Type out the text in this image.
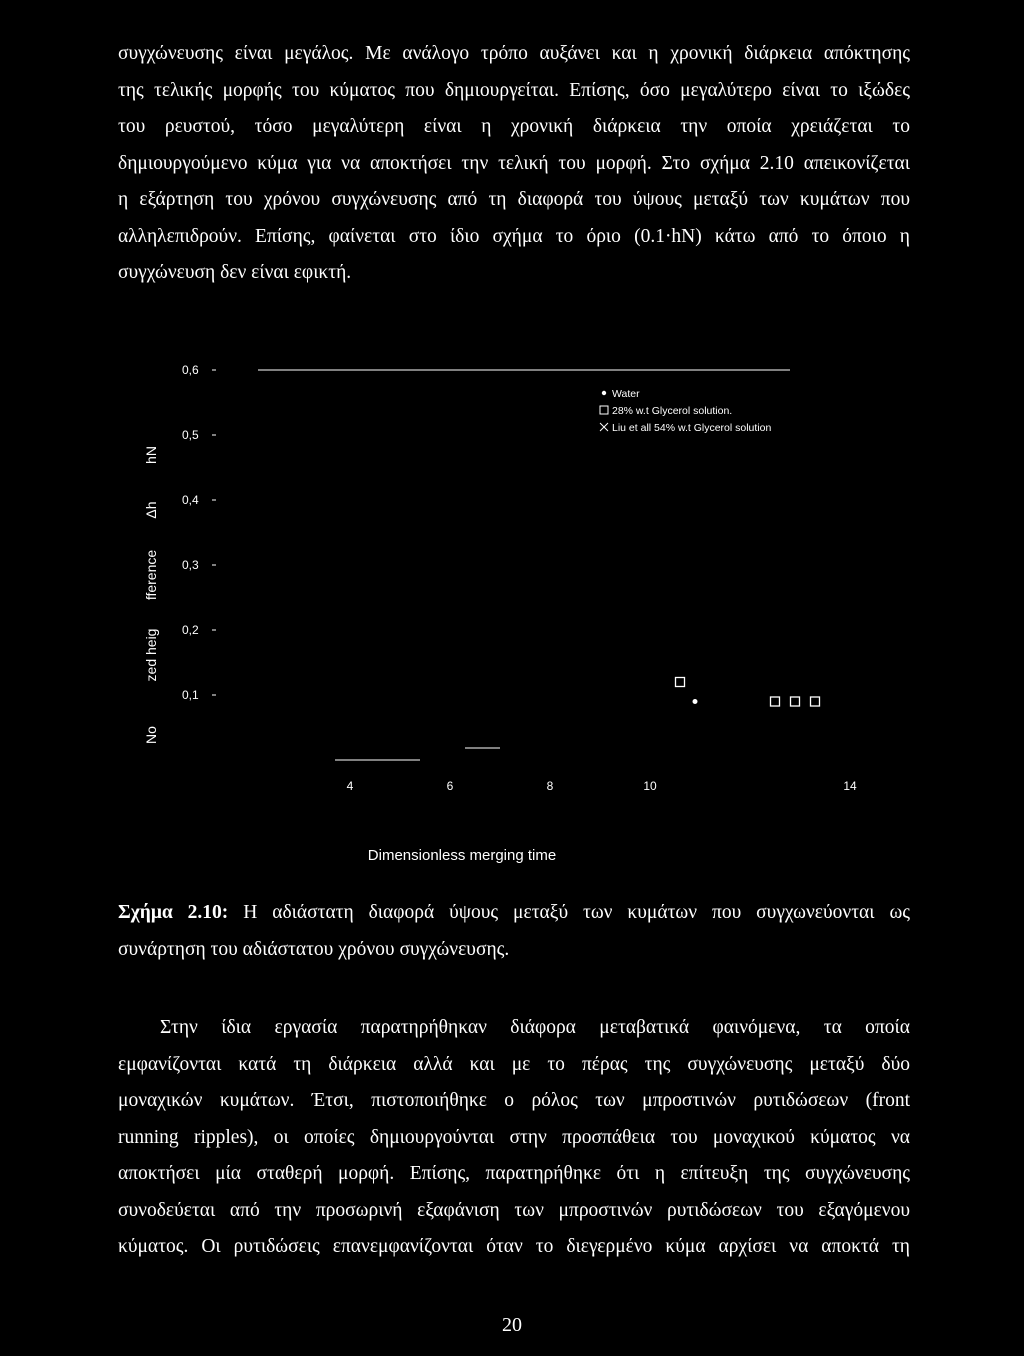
συγχώνευσης είναι μεγάλος. Με ανάλογο τρόπο αυξάνει και η χρονική διάρκεια απόκτησης
της τελικής μορφής του κύματος που δημιουργείται. Επίσης, όσο μεγαλύτερο είναι το ιξώδες
του ρευστού, τόσο μεγαλύτερη είναι η χρονική διάρκεια την οποία χρειάζεται το
δημιουργούμενο κύμα για να αποκτήσει την τελική του μορφή. Στο σχήμα 2.10 απεικονίζεται
η εξάρτηση του χρόνου συγχώνευσης από τη διαφορά του ύψους μεταξύ των κυμάτων που
αλληλεπιδρούν. Επίσης, φαίνεται στο ίδιο σχήμα το όριο (0.1·hN) κάτω από το όποιο η
συγχώνευση δεν είναι εφικτή.
0,6
0,5
0,4
0,3
0,2
0,1
4	6	8	10	14
Dimensionless merging time
No
zed heig
fference
Δh
hN
Water
28% w.t Glycerol solution.
Liu et all 54% w.t Glycerol solution
Σχήμα 2.10: Η αδιάστατη διαφορά ύψους μεταξύ των κυμάτων που συγχωνεύονται ως
συνάρτηση του αδιάστατου χρόνου συγχώνευσης.
Στην ίδια εργασία παρατηρήθηκαν διάφορα μεταβατικά φαινόμενα, τα οποία
εμφανίζονται κατά τη διάρκεια αλλά και με το πέρας της συγχώνευσης μεταξύ δύο
μοναχικών κυμάτων. Έτσι, πιστοποιήθηκε ο ρόλος των μπροστινών ρυτιδώσεων (front
running ripples), οι οποίες δημιουργούνται στην προσπάθεια του μοναχικού κύματος να
αποκτήσει μία σταθερή μορφή. Επίσης, παρατηρήθηκε ότι η επίτευξη της συγχώνευσης
συνοδεύεται από την προσωρινή εξαφάνιση των μπροστινών ρυτιδώσεων του εξαγόμενου
κύματος. Οι ρυτιδώσεις επανεμφανίζονται όταν το διεγερμένο κύμα αρχίσει να αποκτά τη
20
